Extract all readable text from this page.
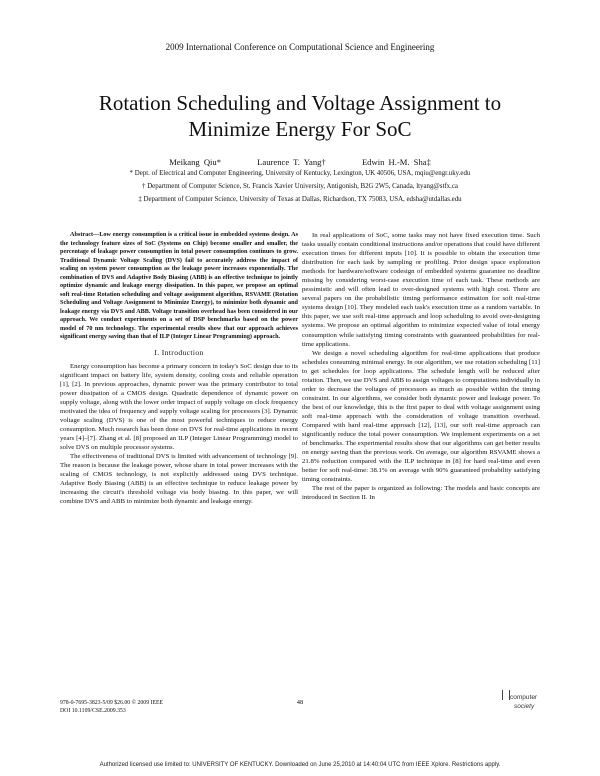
2009 International Conference on Computational Science and Engineering
Rotation Scheduling and Voltage Assignment to
Minimize Energy For SoC
Meikang Qiu*	Laurence T. Yang†	Edwin H.-M. Sha‡
* Dept. of Electrical and Computer Engineering, University of Kentucky, Lexington, UK 40506, USA, mqiu@engr.uky.edu
† Department of Computer Science, St. Francis Xavier University, Antigonish, B2G 2W5, Canada, ltyang@stfx.ca
‡ Department of Computer Science, University of Texas at Dallas, Richardson, TX 75083, USA, edsha@utdallas.edu

Abstract—Low energy consumption is a critical issue in embedded systems design. As the technology feature sizes of SoC (Systems on Chip) become smaller and smaller, the percentage of leakage power consumption in total power consumption continues to grow. Traditional Dynamic Voltage Scaling (DVS) fail to accurately address the impact of scaling on system power consumption as the leakage power increases exponentially. The combination of DVS and Adaptive Body Biasing (ABB) is an effective technique to jointly optimize dynamic and leakage energy dissipation. In this paper, we propose an optimal soft real-time Rotation scheduling and voltage assignment algorithm, RSVAME (Rotation Scheduling and Voltage Assignment to Minimize Energy), to minimize both dynamic and leakage energy via DVS and ABB. Voltage transition overhead has been considered in our approach. We conduct experiments on a set of DSP benchmarks based on the power model of 70 nm technology. The experimental results show that our approach achieves significant energy saving than that of ILP (Integer Linear Programming) approach.

I. Introduction

Energy consumption has become a primary concern in today's SoC design due to its significant impact on battery life, system density, cooling costs and reliable operation [1], [2]. In previous approaches, dynamic power was the primary contributor to total power dissipation of a CMOS design. Quadratic dependence of dynamic power on supply voltage, along with the lower order impact of supply voltage on clock frequency motivated the idea of frequency and supply voltage scaling for processors [3]. Dynamic voltage scaling (DVS) is one of the most powerful techniques to reduce energy consumption. Much research has been done on DVS for real-time applications in recent years [4]–[7]. Zhang et al. [8] proposed an ILP (Integer Linear Programming) model to solve DVS on multiple processor systems.

The effectiveness of traditional DVS is limited with advancement of technology [9]. The reason is because the leakage power, whose share in total power increases with the scaling of CMOS technology, is not explicitly addressed using DVS technique. Adaptive Body Biasing (ABB) is an effective technique to reduce leakage power by increasing the circuit's threshold voltage via body biasing. In this paper, we will combine DVS and ABB to minimize both dynamic and leakage energy.

In real applications of SoC, some tasks may not have fixed execution time. Such tasks usually contain conditional instructions and/or operations that could have different execution times for different inputs [10]. It is possible to obtain the execution time distribution for each task by sampling or profiling. Prior design space exploration methods for hardware/software codesign of embedded systems guarantee no deadline missing by considering worst-case execution time of each task. These methods are pessimistic and will often lead to over-designed systems with high cost. There are several papers on the probabilistic timing performance estimation for soft real-time systems design [10]. They modeled each task's execution time as a random variable. In this paper, we use soft real-time approach and loop scheduling to avoid over-designing systems. We propose an optimal algorithm to minimize expected value of total energy consumption while satisfying timing constraints with guaranteed probabilities for real-time applications.

We design a novel scheduling algorithm for real-time applications that produce schedules consuming minimal energy. In our algorithm, we use rotation scheduling [11] to get schedules for loop applications. The schedule length will be reduced after rotation. Then, we use DVS and ABB to assign voltages to computations individually in order to decrease the voltages of processors as much as possible within the timing constraint. In our algorithms, we consider both dynamic power and leakage power. To the best of our knowledge, this is the first paper to deal with voltage assignment using soft real-time approach with the consideration of voltage transition overhead. Compared with hard real-time approach [12], [13], our soft real-time approach can significantly reduce the total power consumption. We implement experiments on a set of benchmarks. The experimental results show that our algorithms can get better results on energy saving than the previous work. On average, our algorithm RSVAME shows a 21.8% reduction compared with the ILP technique in [8] for hard real-time and even better for soft real-time: 38.1% on average with 90% guaranteed probability satisfying timing constraints.

The rest of the paper is organized as following: The models and basic concepts are introduced in Section II. In

978-0-7695-3823-5/09 $26.00 © 2009 IEEE
DOI 10.1109/CSE.2009.353
48
computer
society
Authorized licensed use limited to: UNIVERSITY OF KENTUCKY. Downloaded on June 25,2010 at 14:40:04 UTC from IEEE Xplore. Restrictions apply.
